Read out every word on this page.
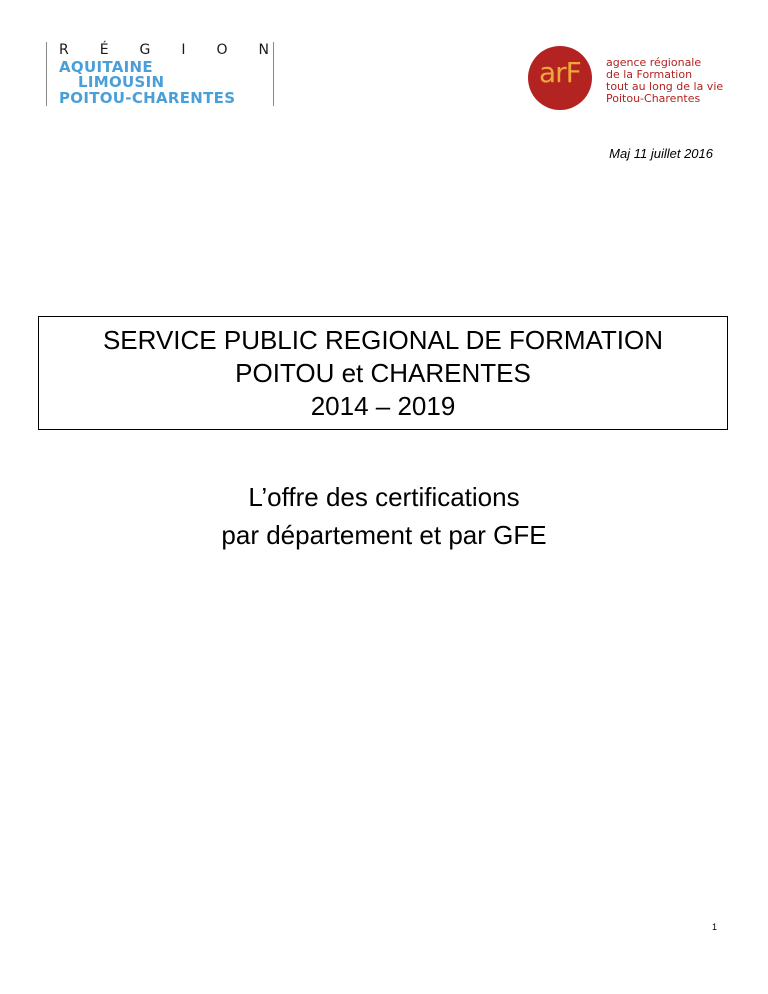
R É G I O N
AQUITAINE
LIMOUSIN
POITOU-CHARENTES
arF agence régionale
de la Formation
tout au long de la vie
Poitou-Charentes
Maj 11 juillet 2016
SERVICE PUBLIC REGIONAL DE FORMATION
POITOU et CHARENTES
2014 – 2019
L’offre des certifications
par département et par GFE
1
